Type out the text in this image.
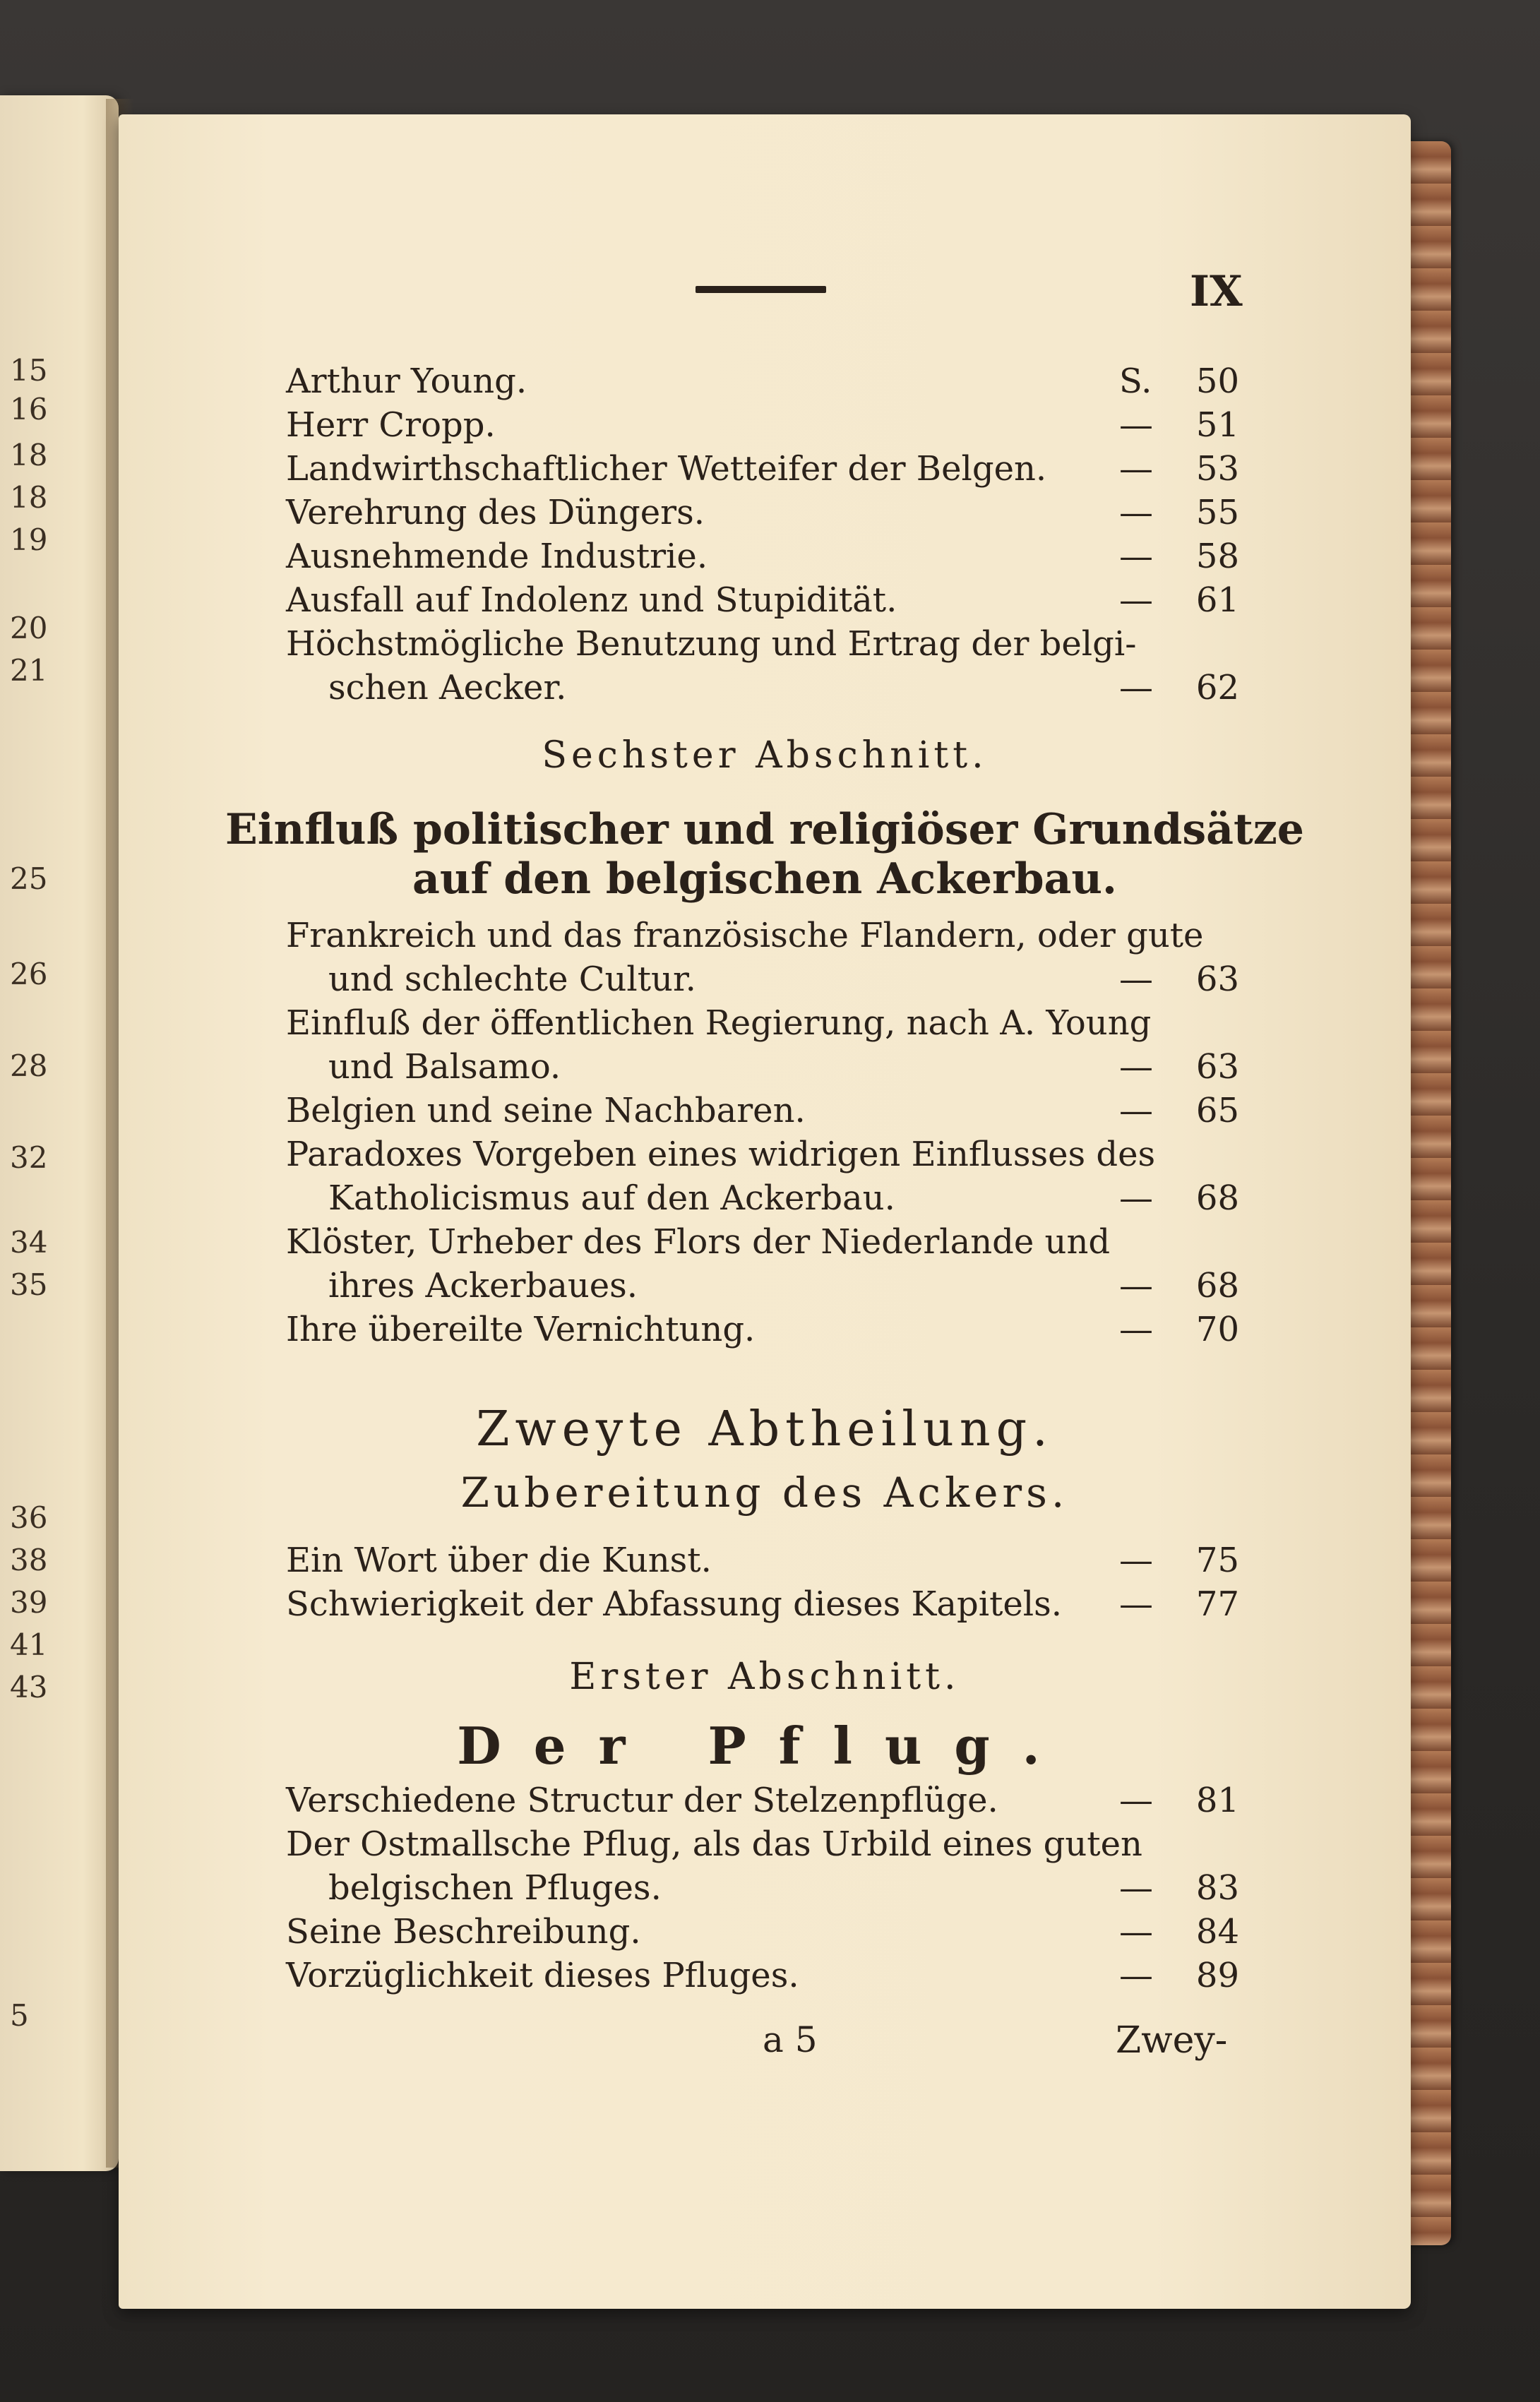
15
16
18
18
19
20
21
25
26
28
32
34
35
36
38
39
41
43
5
IX
Arthur Young.	S. 50
Herr Cropp.	— 51
Landwirthschaftlicher Wetteifer der Belgen. — 53
Verehrung des Düngers.	— 55
Ausnehmende Industrie.	— 58
Ausfall auf Indolenz und Stupidität.	— 61
Höchstmögliche Benutzung und Ertrag der belgi-
schen Aecker.	— 62
Sechster Abschnitt.
Einfluß politischer und religiöser Grundsätze
auf den belgischen Ackerbau.
Frankreich und das französische Flandern, oder gute
und schlechte Cultur.	— 63
Einfluß der öffentlichen Regierung, nach A. Young
und Balsamo.	— 63
Belgien und seine Nachbaren.	— 65
Paradoxes Vorgeben eines widrigen Einflusses des
Katholicismus auf den Ackerbau.	— 68
Klöster, Urheber des Flors der Niederlande und
ihres Ackerbaues.	— 68
Ihre übereilte Vernichtung.	— 70
Zweyte Abtheilung.
Zubereitung des Ackers.
Ein Wort über die Kunst.	— 75
Schwierigkeit der Abfassung dieses Kapitels. — 77
Erster Abschnitt.
Der Pflug.
Verschiedene Structur der Stelzenpflüge.	— 81
Der Ostmallsche Pflug, als das Urbild eines guten
belgischen Pfluges.	— 83
Seine Beschreibung.	— 84
Vorzüglichkeit dieses Pfluges.	— 89
a 5	Zwey-
